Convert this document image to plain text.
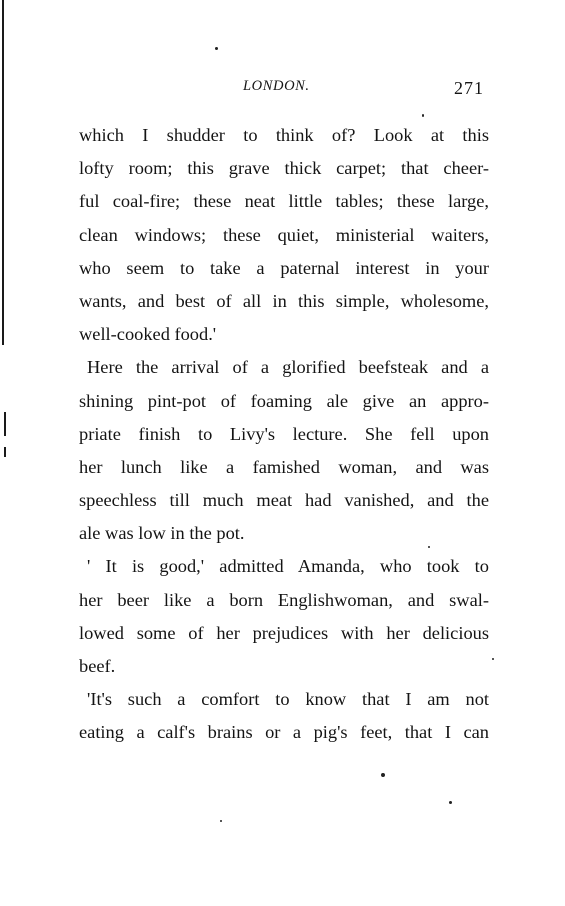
LONDON.	271
which I shudder to think of? Look at this
lofty room; this grave thick carpet; that cheer-
ful coal-fire; these neat little tables; these large,
clean windows; these quiet, ministerial waiters,
who seem to take a paternal interest in your
wants, and best of all in this simple, wholesome,
well-cooked food.'
Here the arrival of a glorified beefsteak and a
shining pint-pot of foaming ale give an appro-
priate finish to Livy's lecture. She fell upon
her lunch like a famished woman, and was
speechless till much meat had vanished, and the
ale was low in the pot.
' It is good,' admitted Amanda, who took to
her beer like a born Englishwoman, and swal-
lowed some of her prejudices with her delicious
beef.
'It's such a comfort to know that I am not
eating a calf's brains or a pig's feet, that I can
